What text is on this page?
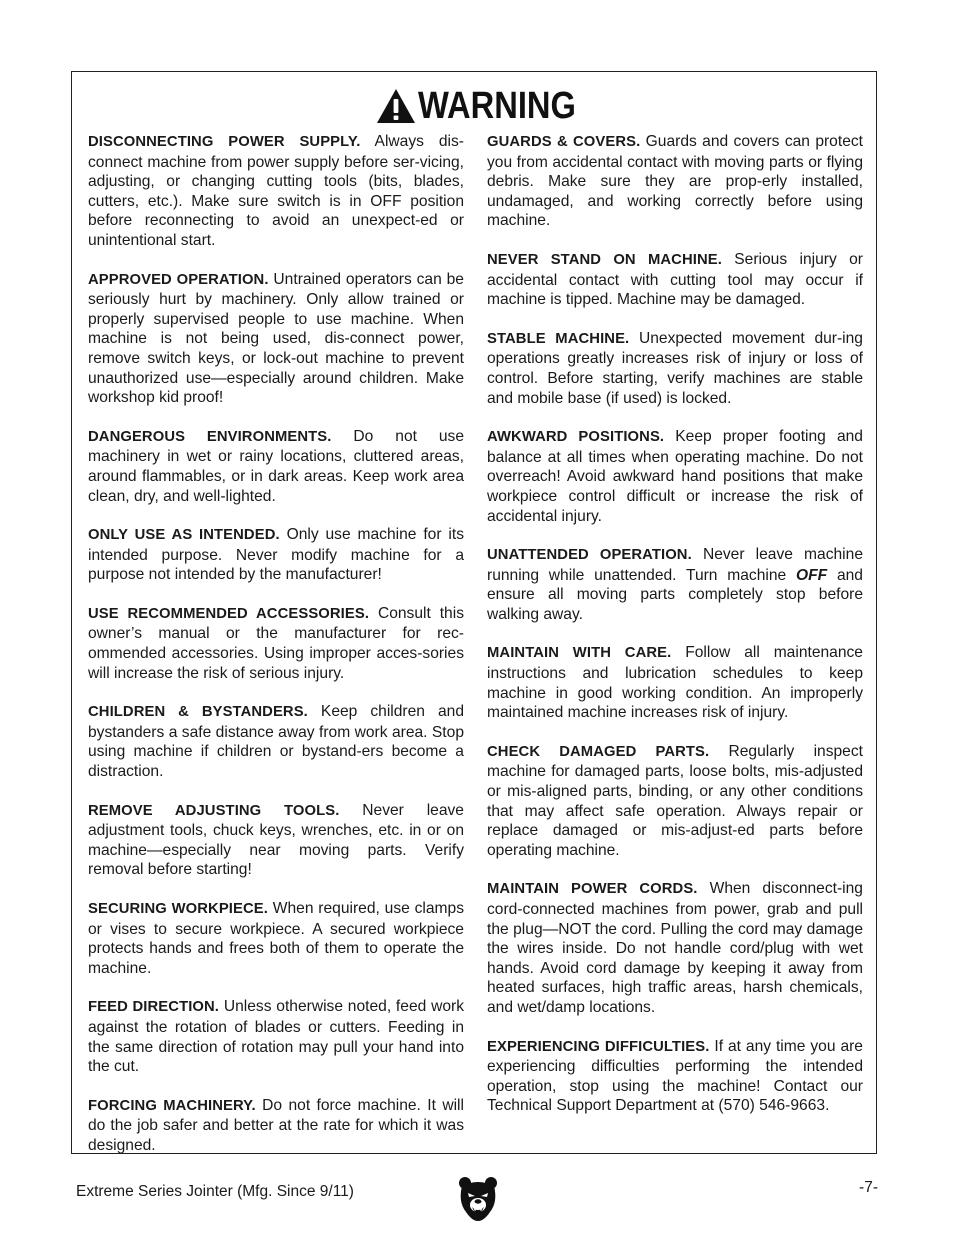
WARNING

DISCONNECTING POWER SUPPLY. Always dis-connect machine from power supply before ser-vicing, adjusting, or changing cutting tools (bits, blades, cutters, etc.). Make sure switch is in OFF position before reconnecting to avoid an unexpect-ed or unintentional start.

APPROVED OPERATION. Untrained operators can be seriously hurt by machinery. Only allow trained or properly supervised people to use machine. When machine is not being used, dis-connect power, remove switch keys, or lock-out machine to prevent unauthorized use—especially around children. Make workshop kid proof!

DANGEROUS ENVIRONMENTS. Do not use machinery in wet or rainy locations, cluttered areas, around flammables, or in dark areas. Keep work area clean, dry, and well-lighted.

ONLY USE AS INTENDED. Only use machine for its intended purpose. Never modify machine for a purpose not intended by the manufacturer!

USE RECOMMENDED ACCESSORIES. Consult this owner’s manual or the manufacturer for rec-ommended accessories. Using improper acces-sories will increase the risk of serious injury.

CHILDREN & BYSTANDERS. Keep children and bystanders a safe distance away from work area. Stop using machine if children or bystand-ers become a distraction.

REMOVE ADJUSTING TOOLS. Never leave adjustment tools, chuck keys, wrenches, etc. in or on machine—especially near moving parts. Verify removal before starting!

SECURING WORKPIECE. When required, use clamps or vises to secure workpiece. A secured workpiece protects hands and frees both of them to operate the machine.

FEED DIRECTION. Unless otherwise noted, feed work against the rotation of blades or cutters. Feeding in the same direction of rotation may pull your hand into the cut.

FORCING MACHINERY. Do not force machine. It will do the job safer and better at the rate for which it was designed.

GUARDS & COVERS. Guards and covers can protect you from accidental contact with moving parts or flying debris. Make sure they are prop-erly installed, undamaged, and working correctly before using machine.

NEVER STAND ON MACHINE. Serious injury or accidental contact with cutting tool may occur if machine is tipped. Machine may be damaged.

STABLE MACHINE. Unexpected movement dur-ing operations greatly increases risk of injury or loss of control. Before starting, verify machines are stable and mobile base (if used) is locked.

AWKWARD POSITIONS. Keep proper footing and balance at all times when operating machine. Do not overreach! Avoid awkward hand positions that make workpiece control difficult or increase the risk of accidental injury.

UNATTENDED OPERATION. Never leave machine running while unattended. Turn machine OFF and ensure all moving parts completely stop before walking away.

MAINTAIN WITH CARE. Follow all maintenance instructions and lubrication schedules to keep machine in good working condition. An improperly maintained machine increases risk of injury.

CHECK DAMAGED PARTS. Regularly inspect machine for damaged parts, loose bolts, mis-adjusted or mis-aligned parts, binding, or any other conditions that may affect safe operation. Always repair or replace damaged or mis-adjust-ed parts before operating machine.

MAINTAIN POWER CORDS. When disconnect-ing cord-connected machines from power, grab and pull the plug—NOT the cord. Pulling the cord may damage the wires inside. Do not handle cord/plug with wet hands. Avoid cord damage by keeping it away from heated surfaces, high traffic areas, harsh chemicals, and wet/damp locations.

EXPERIENCING DIFFICULTIES. If at any time you are experiencing difficulties performing the intended operation, stop using the machine! Contact our Technical Support Department at (570) 546-9663.

Extreme Series Jointer (Mfg. Since 9/11)	-7-
